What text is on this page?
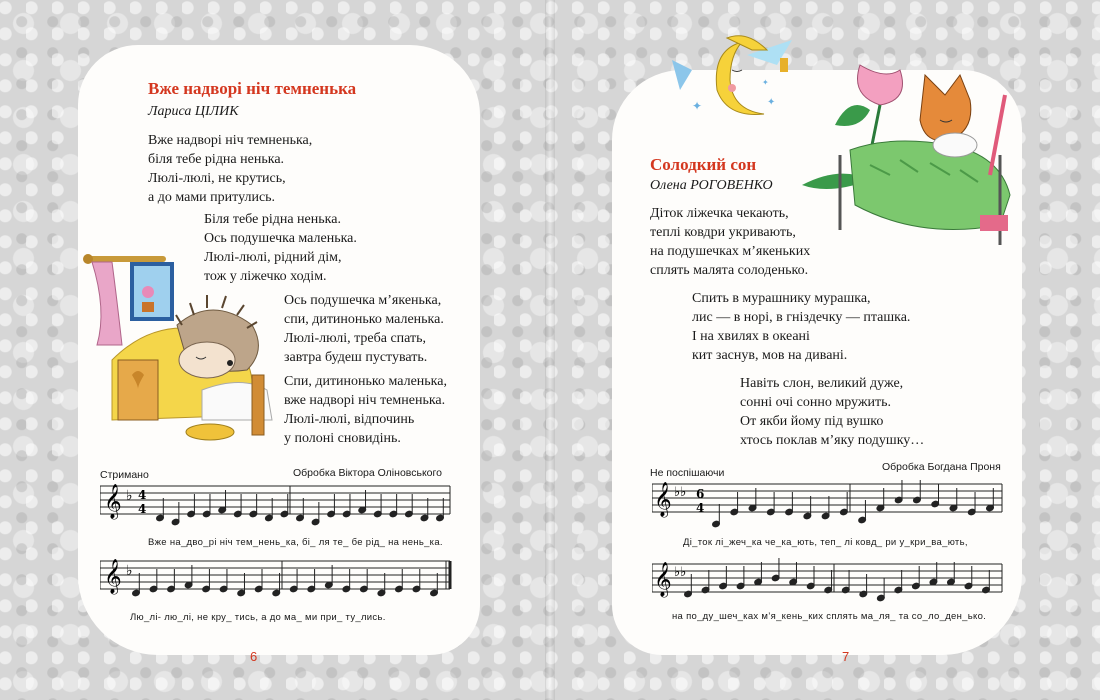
Вже надворі ніч темненька
Лариса ЦІЛИК
Вже надворі ніч темненька,
біля тебе рідна ненька.
Люлі-люлі, не крутись,
а до мами притулись.
Біля тебе рідна ненька.
Ось подушечка маленька.
Люлі-люлі, рідний дім,
тож у ліжечко ходім.
Ось подушечка м’якенька,
спи, дитинонько маленька.
Люлі-люлі, треба спать,
завтра будеш пустувать.
Спи, дитинонько маленька,
вже надворі ніч темненька.
Люлі-люлі, відпочинь
у полоні сновидінь.
Стримано	Обробка Віктора Оліновського
𝄞
𝄞
♭
♭
4
4
Вже на_дво_рі ніч тем_нень_ка, бі_ ля те_ бе рід_ на нень_ка.
Лю_лі- лю_лі, не кру_ тись, а до ма_ ми при_ ту_лись.
6
✦	✦
✦
Солодкий сон
Олена РОГОВЕНКО
Діток ліжечка чекають,
теплі ковдри укривають,
на подушечках м’якеньких
сплять малята солоденько.
Спить в мурашнику мурашка,
лис — в норі, в гніздечку — пташка.
І на хвилях в океані
кит заснув, мов на дивані.
Навіть слон, великий дуже,
сонні очі сонно мружить.
От якби йому під вушко
хтось поклав м’яку подушку…
Не поспішаючи	Обробка Богдана Проня
𝄞
𝄞
♭♭
♭♭
6
4
Ді_ток лі_жеч_ка че_ка_ють, теп_ лі ковд_ ри у_кри_ва_ють,
на по_ду_шеч_ках м’я_кень_ких сплять ма_ля_ та со_ло_ден_ько.
7
